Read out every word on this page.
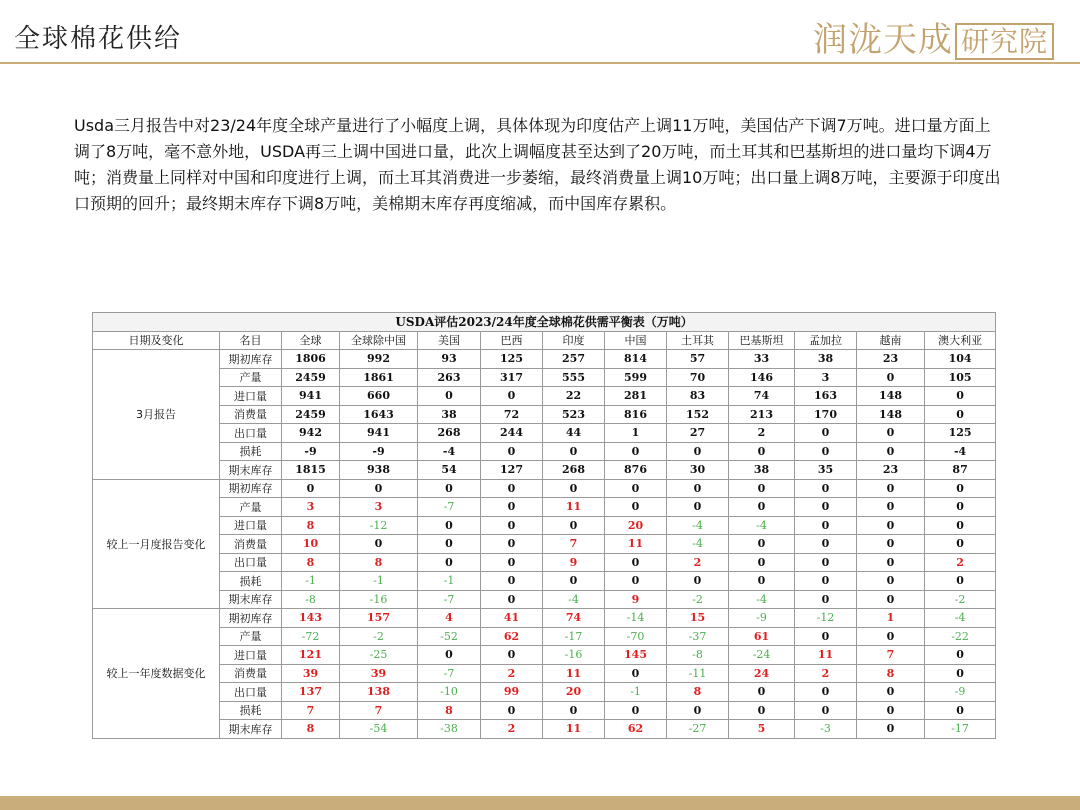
全球棉花供给	润泷天成 研究院
Usda三月报告中对23/24年度全球产量进行了小幅度上调，具体体现为印度估产上调11万吨，美国估产下调7万吨。进口量方面上调了8万吨，毫不意外地，USDA再三上调中国进口量，此次上调幅度甚至达到了20万吨，而土耳其和巴基斯坦的进口量均下调4万吨；消费量上同样对中国和印度进行上调，而土耳其消费进一步萎缩，最终消费量上调10万吨；出口量上调8万吨，主要源于印度出口预期的回升；最终期末库存下调8万吨，美棉期末库存再度缩减，而中国库存累积。
USDA评估2023/24年度全球棉花供需平衡表（万吨）												
日期及变化	名目	全球	全球除中国	美国	巴西	印度	中国	土耳其	巴基斯坦	孟加拉	越南	澳大利亚
3月报告	期初库存	1806	992	93	125	257	814	57	33	38	23	104
	产量	2459	1861	263	317	555	599	70	146	3	0	105
	进口量	941	660	0	0	22	281	83	74	163	148	0
	消费量	2459	1643	38	72	523	816	152	213	170	148	0
	出口量	942	941	268	244	44	1	27	2	0	0	125
	损耗	-9	-9	-4	0	0	0	0	0	0	0	-4
	期末库存	1815	938	54	127	268	876	30	38	35	23	87
较上一月度报告变化	期初库存	0	0	0	0	0	0	0	0	0	0	0
	产量	3	3	-7	0	11	0	0	0	0	0	0
	进口量	8	-12	0	0	0	20	-4	-4	0	0	0
	消费量	10	0	0	0	7	11	-4	0	0	0	0
	出口量	8	8	0	0	9	0	2	0	0	0	2
	损耗	-1	-1	-1	0	0	0	0	0	0	0	0
	期末库存	-8	-16	-7	0	-4	9	-2	-4	0	0	-2
较上一年度数据变化	期初库存	143	157	4	41	74	-14	15	-9	-12	1	-4
	产量	-72	-2	-52	62	-17	-70	-37	61	0	0	-22
	进口量	121	-25	0	0	-16	145	-8	-24	11	7	0
	消费量	39	39	-7	2	11	0	-11	24	2	8	0
	出口量	137	138	-10	99	20	-1	8	0	0	0	-9
	损耗	7	7	8	0	0	0	0	0	0	0	0
	期末库存	8	-54	-38	2	11	62	-27	5	-3	0	-17
